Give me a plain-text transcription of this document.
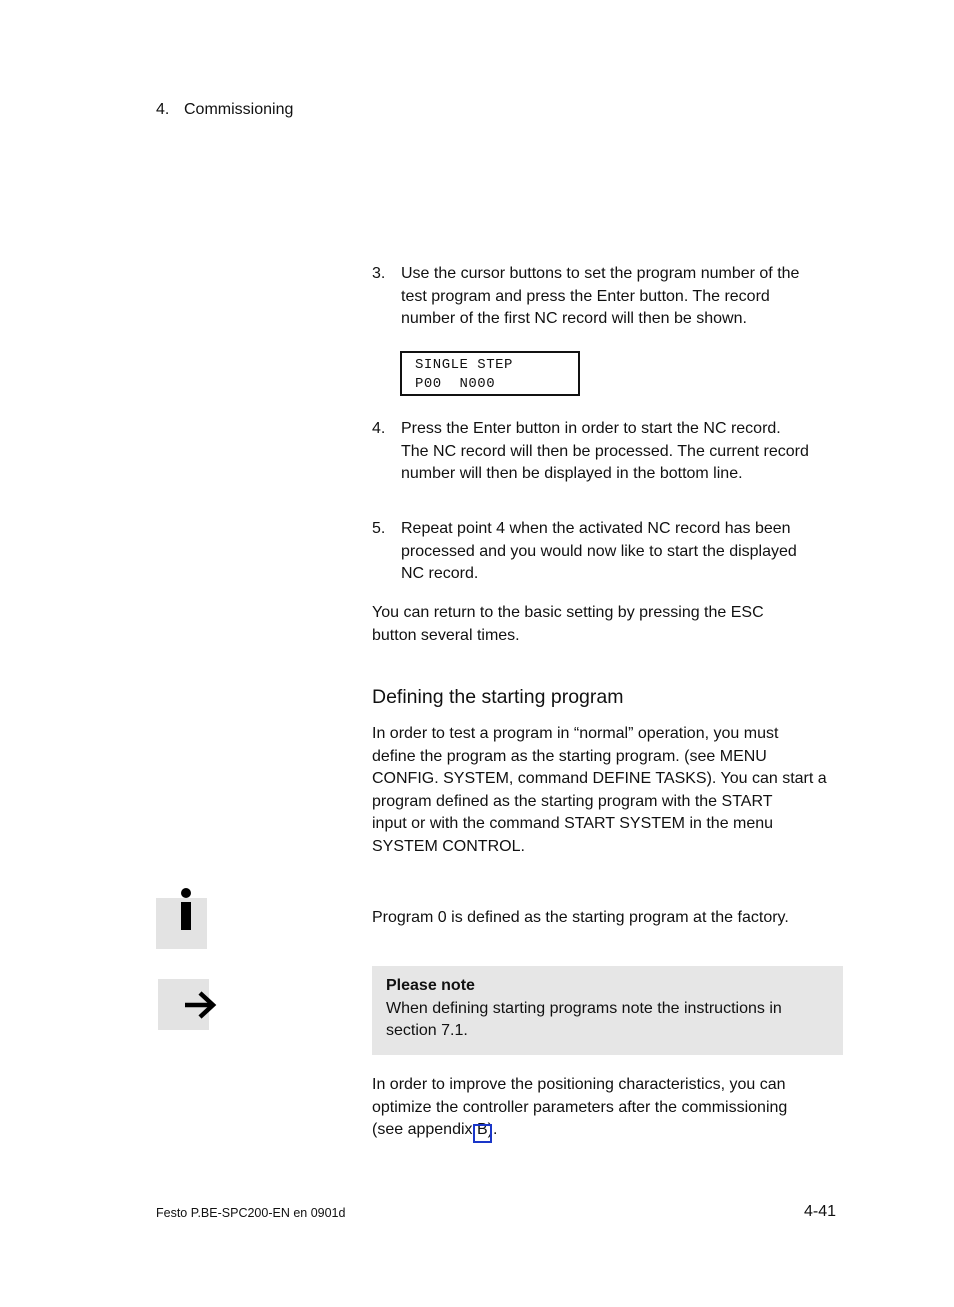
4. Commissioning
3. Use the cursor buttons to set the program number of the
test program and press the Enter button. The record
number of the first NC record will then be shown.
SINGLE STEP
P00  N000
4. Press the Enter button in order to start the NC record.
The NC record will then be processed. The current record
number will then be displayed in the bottom line.
5. Repeat point 4 when the activated NC record has been
processed and you would now like to start the displayed
NC record.
You can return to the basic setting by pressing the ESC
button several times.
Defining the starting program
In order to test a program in “normal” operation, you must
define the program as the starting program. (see MENU
CONFIG. SYSTEM, command DEFINE TASKS). You can start a
program defined as the starting program with the START
input or with the command START SYSTEM in the menu
SYSTEM CONTROL.
Program 0 is defined as the starting program at the factory.
Please note
When defining starting programs note the instructions in
section 7.1.
In order to improve the positioning characteristics, you can
optimize the controller parameters after the commissioning
(see appendix B).
Festo P.BE-SPC200-EN en 0901d	4-41
